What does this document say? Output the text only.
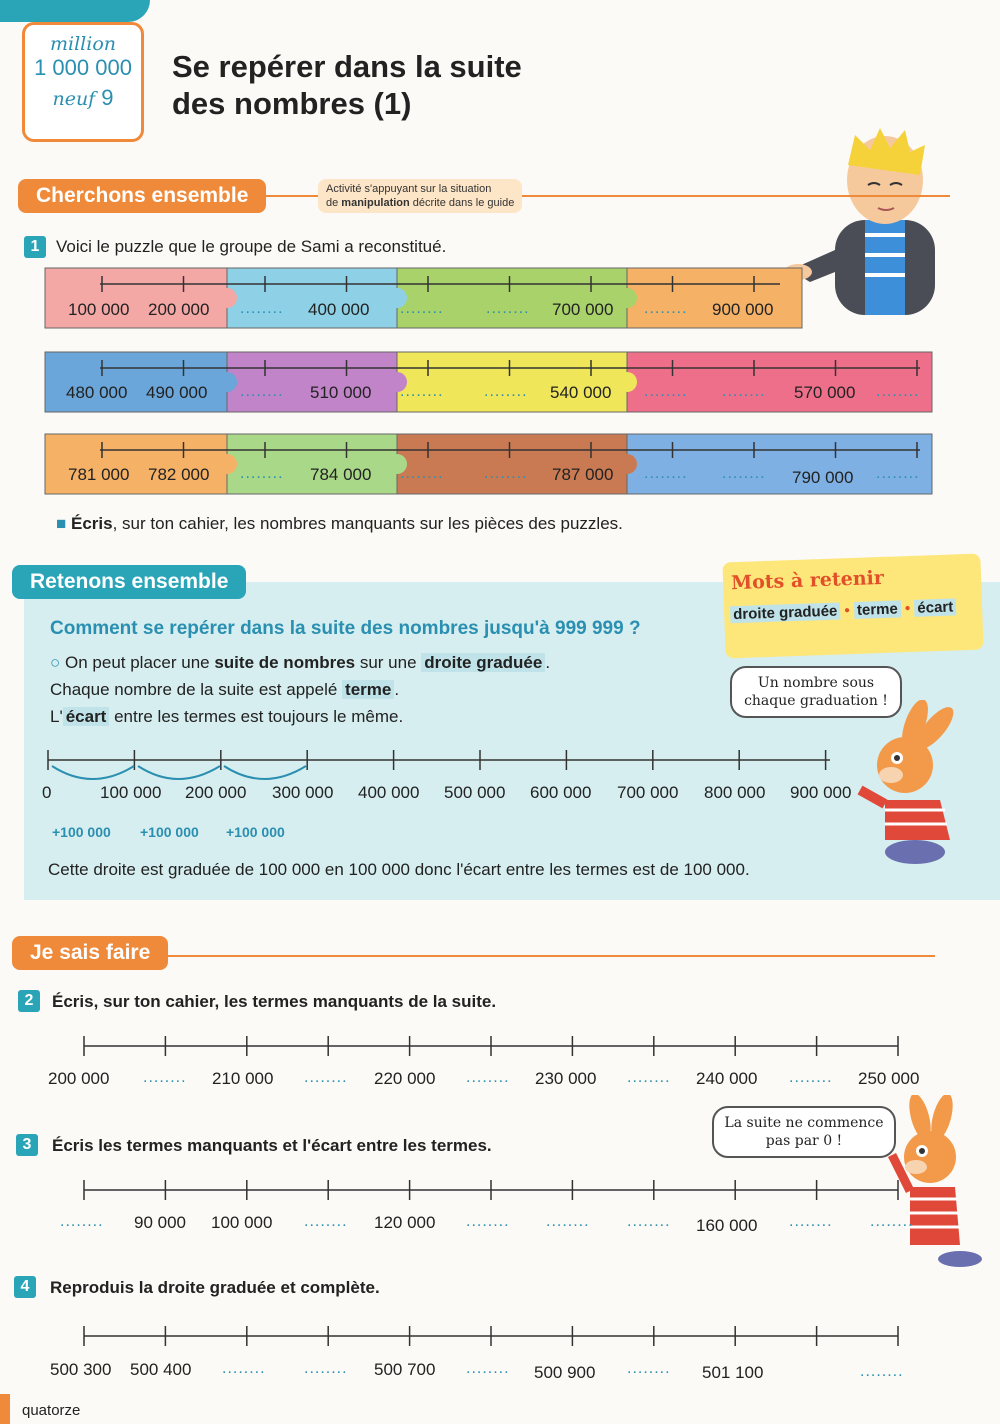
million
1 000 000
neuf 9
Se repérer dans la suite
des nombres (1)
Cherchons ensemble	Activité s'appuyant sur la situation
de manipulation décrite dans le guide
1 Voici le puzzle que le groupe de Sami a reconstitué.
100 000 200 000 ........ 400 000 ........	........ 700 000 ........ 900 000
480 000 490 000 ........ 510 000 ........	........ 540 000 ........ ........ 570 000 ........
781 000 782 000 ........ 784 000 ........	........ 787 000 ........ ........ 790 000 ........
■ Écris, sur ton cahier, les nombres manquants sur les pièces des puzzles.
Retenons ensemble
Comment se repérer dans la suite des nombres jusqu'à 999 999 ?
○ On peut placer une suite de nombres sur une droite graduée .
Chaque nombre de la suite est appelé terme .
L' écart entre les termes est toujours le même.
Mots à retenir
droite graduée • terme • écart
Un nombre sous chaque graduation !
0	100 000 200 000 300 000 400 000 500 000 600 000 700 000 800 000 900 000
+100 000 +100 000 +100 000
Cette droite est graduée de 100 000 en 100 000 donc l'écart entre les termes est de 100 000.
Je sais faire
2	Écris, sur ton cahier, les termes manquants de la suite.
200 000 ........ 210 000 ........ 220 000 ........ 230 000 ........ 240 000 ........ 250 000
3	Écris les termes manquants et l'écart entre les termes.
La suite ne commence pas par 0 !
........ 90 000 100 000 ........ 120 000 ........ ........ ........ 160 000 ........ ........
4	Reproduis la droite graduée et complète.
500 300 500 400 ........ ........ 500 700 ........ 500 900 ........ 501 100	........
quatorze
